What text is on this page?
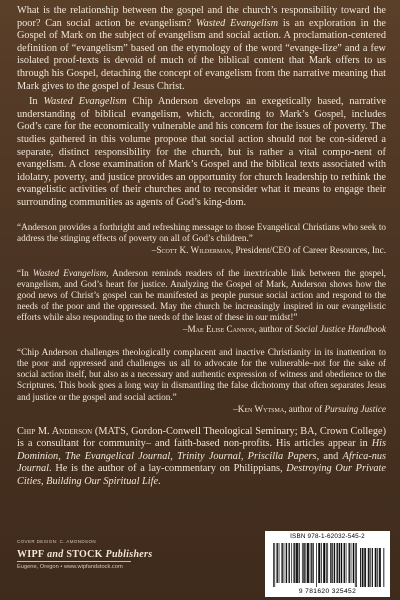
What is the relationship between the gospel and the church’s responsibility toward the poor? Can social action be evangelism? Wasted Evangelism is an exploration in the Gospel of Mark on the subject of evangelism and social action. A proclamation-centered definition of “evangelism” based on the etymology of the word “evange-lize” and a few isolated proof-texts is devoid of much of the biblical content that Mark offers to us through his Gospel, detaching the concept of evangelism from the narrative meaning that Mark gives to the gospel of Jesus Christ.

In Wasted Evangelism Chip Anderson develops an exegetically based, narrative understanding of biblical evangelism, which, according to Mark’s Gospel, includes God’s care for the economically vulnerable and his concern for the issues of poverty. The studies gathered in this volume propose that social action should not be con-sidered a separate, distinct responsibility for the church, but is rather a vital compo-nent of evangelism. A close examination of Mark’s Gospel and the biblical texts associated with idolatry, poverty, and justice provides an opportunity for church leadership to rethink the evangelistic activities of their churches and to reconsider what it means to engage their surrounding communities as agents of God’s king-dom.

“Anderson provides a forthright and refreshing message to those Evangelical Christians who seek to address the stinging effects of poverty on all of God’s children.”

–Scott K. Wilderman, President/CEO of Career Resources, Inc.

“In Wasted Evangelism, Anderson reminds readers of the inextricable link between the gospel, evangelism, and God’s heart for justice. Analyzing the Gospel of Mark, Anderson shows how the good news of Christ’s gospel can be manifested as people pursue social action and respond to the needs of the poor and the oppressed. May the church be increasingly inspired in our evangelistic efforts while also responding to the needs of the least of these in our midst!”

–Mae Elise Cannon, author of Social Justice Handbook

“Chip Anderson challenges theologically complacent and inactive Christianity in its inattention to the poor and oppressed and challenges us all to advocate for the vulnerable–not for the sake of social action itself, but also as a necessary and authentic expression of witness and obedience to the Scriptures. This book goes a long way in dismantling the false dichotomy that often separates Jesus and justice or the gospel and social action.”

–Ken Wytsma, author of Pursuing Justice

Chip M. Anderson (MATS, Gordon-Conwell Theological Seminary; BA, Crown College) is a consultant for community– and faith-based non-profits. His articles appear in His Dominion, The Evangelical Journal, Trinity Journal, Priscilla Papers, and Africa-nus Journal. He is the author of a lay-commentary on Philippians, Destroying Our Private Cities, Building Our Spiritual Life.

COVER DESIGN: C. AMONDSON
WIPF and STOCK Publishers
Eugene, Oregon • www.wipfandstock.com
ISBN 978-1-62032-545-2
9 781620 325452
